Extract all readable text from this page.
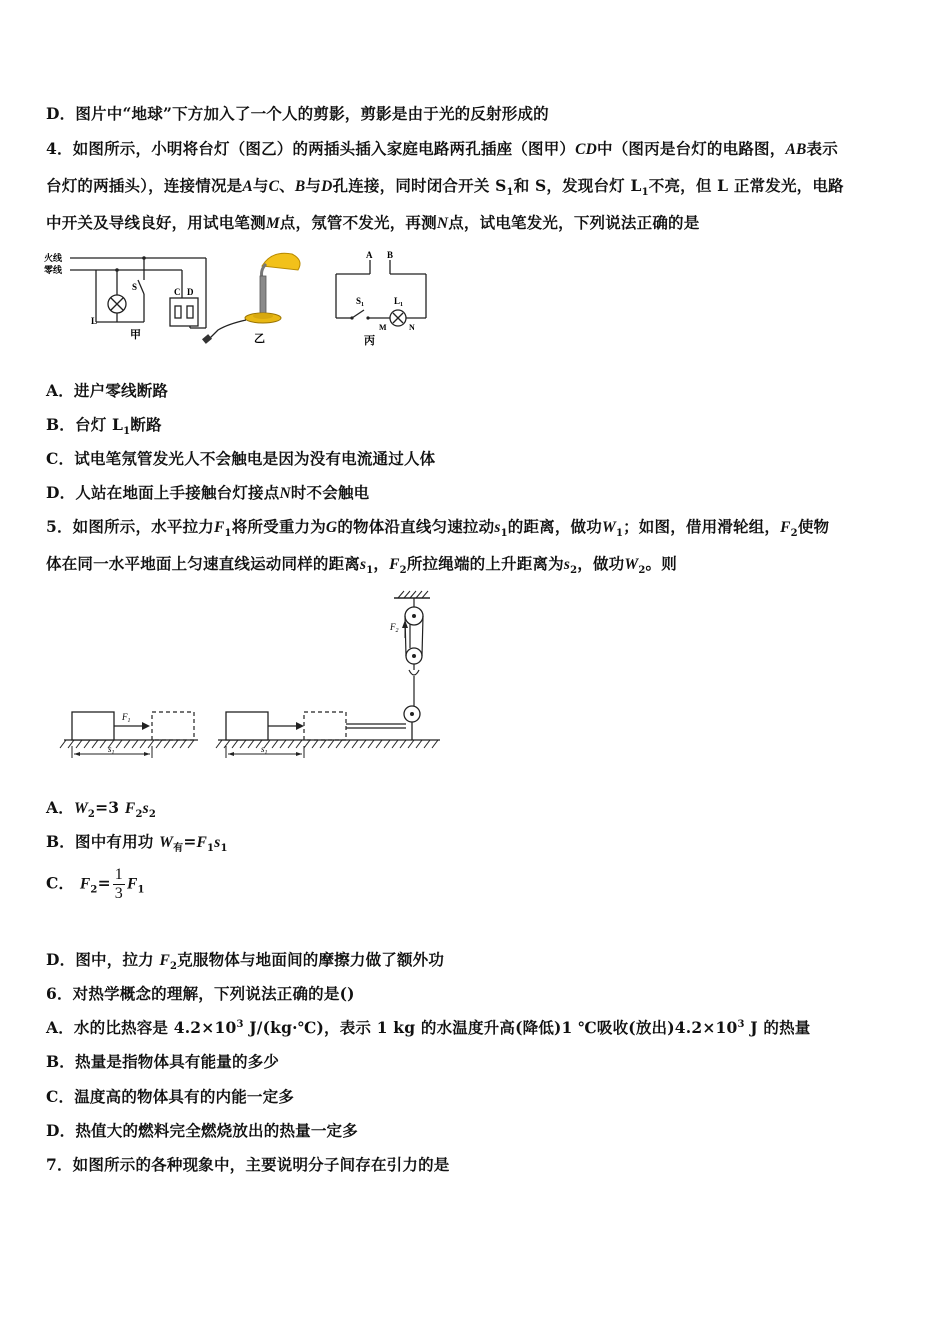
D．图片中“地球”下方加入了一个人的剪影，剪影是由于光的反射形成的
4．如图所示，小明将台灯（图乙）的两插头插入家庭电路两孔插座（图甲）CD中（图丙是台灯的电路图，AB表示
台灯的两插头），连接情况是A与C、B与D孔连接，同时闭合开关 $S_1$和 S，发现台灯 $L_1$不亮，但 L 正常发光，电路
中开关及导线良好，用试电笔测M点，氖管不发光，再测N点，试电笔发光，下列说法正确的是
火线
零线
S
L
C D
甲	乙
A B
$S_1$	$L_1$
M	N
丙
A．进户零线断路
B．台灯 $L_1$断路
C．试电笔氖管发光人不会触电是因为没有电流通过人体
D．人站在地面上手接触台灯接点N时不会触电
5．如图所示，水平拉力$F_1$将所受重力为G的物体沿直线匀速拉动$s_1$的距离，做功$W_1$；如图，借用滑轮组，$F_2$使物
体在同一水平地面上匀速直线运动同样的距离$s_1$，$F_2$所拉绳端的上升距离为$s_2$，做功$W_2$。则
$F_1$
$s_1$
$F_2$
$s_1$
A．$W_2=3$ $F_2s_2$
B．图中有用功 $W_有=F_1s_1$
C． $F_2= \frac{1}{3} F_1$
D．图中，拉力 $F_2$克服物体与地面间的摩擦力做了额外功
6．对热学概念的理解，下列说法正确的是()
A．水的比热容是 $4.2\times 10^3$ J/(kg·℃)，表示 1 kg 的水温度升高(降低)1 ℃吸收(放出)$4.2\times 10^3$ J 的热量
B．热量是指物体具有能量的多少
C．温度高的物体具有的内能一定多
D．热值大的燃料完全燃烧放出的热量一定多
7．如图所示的各种现象中，主要说明分子间存在引力的是
